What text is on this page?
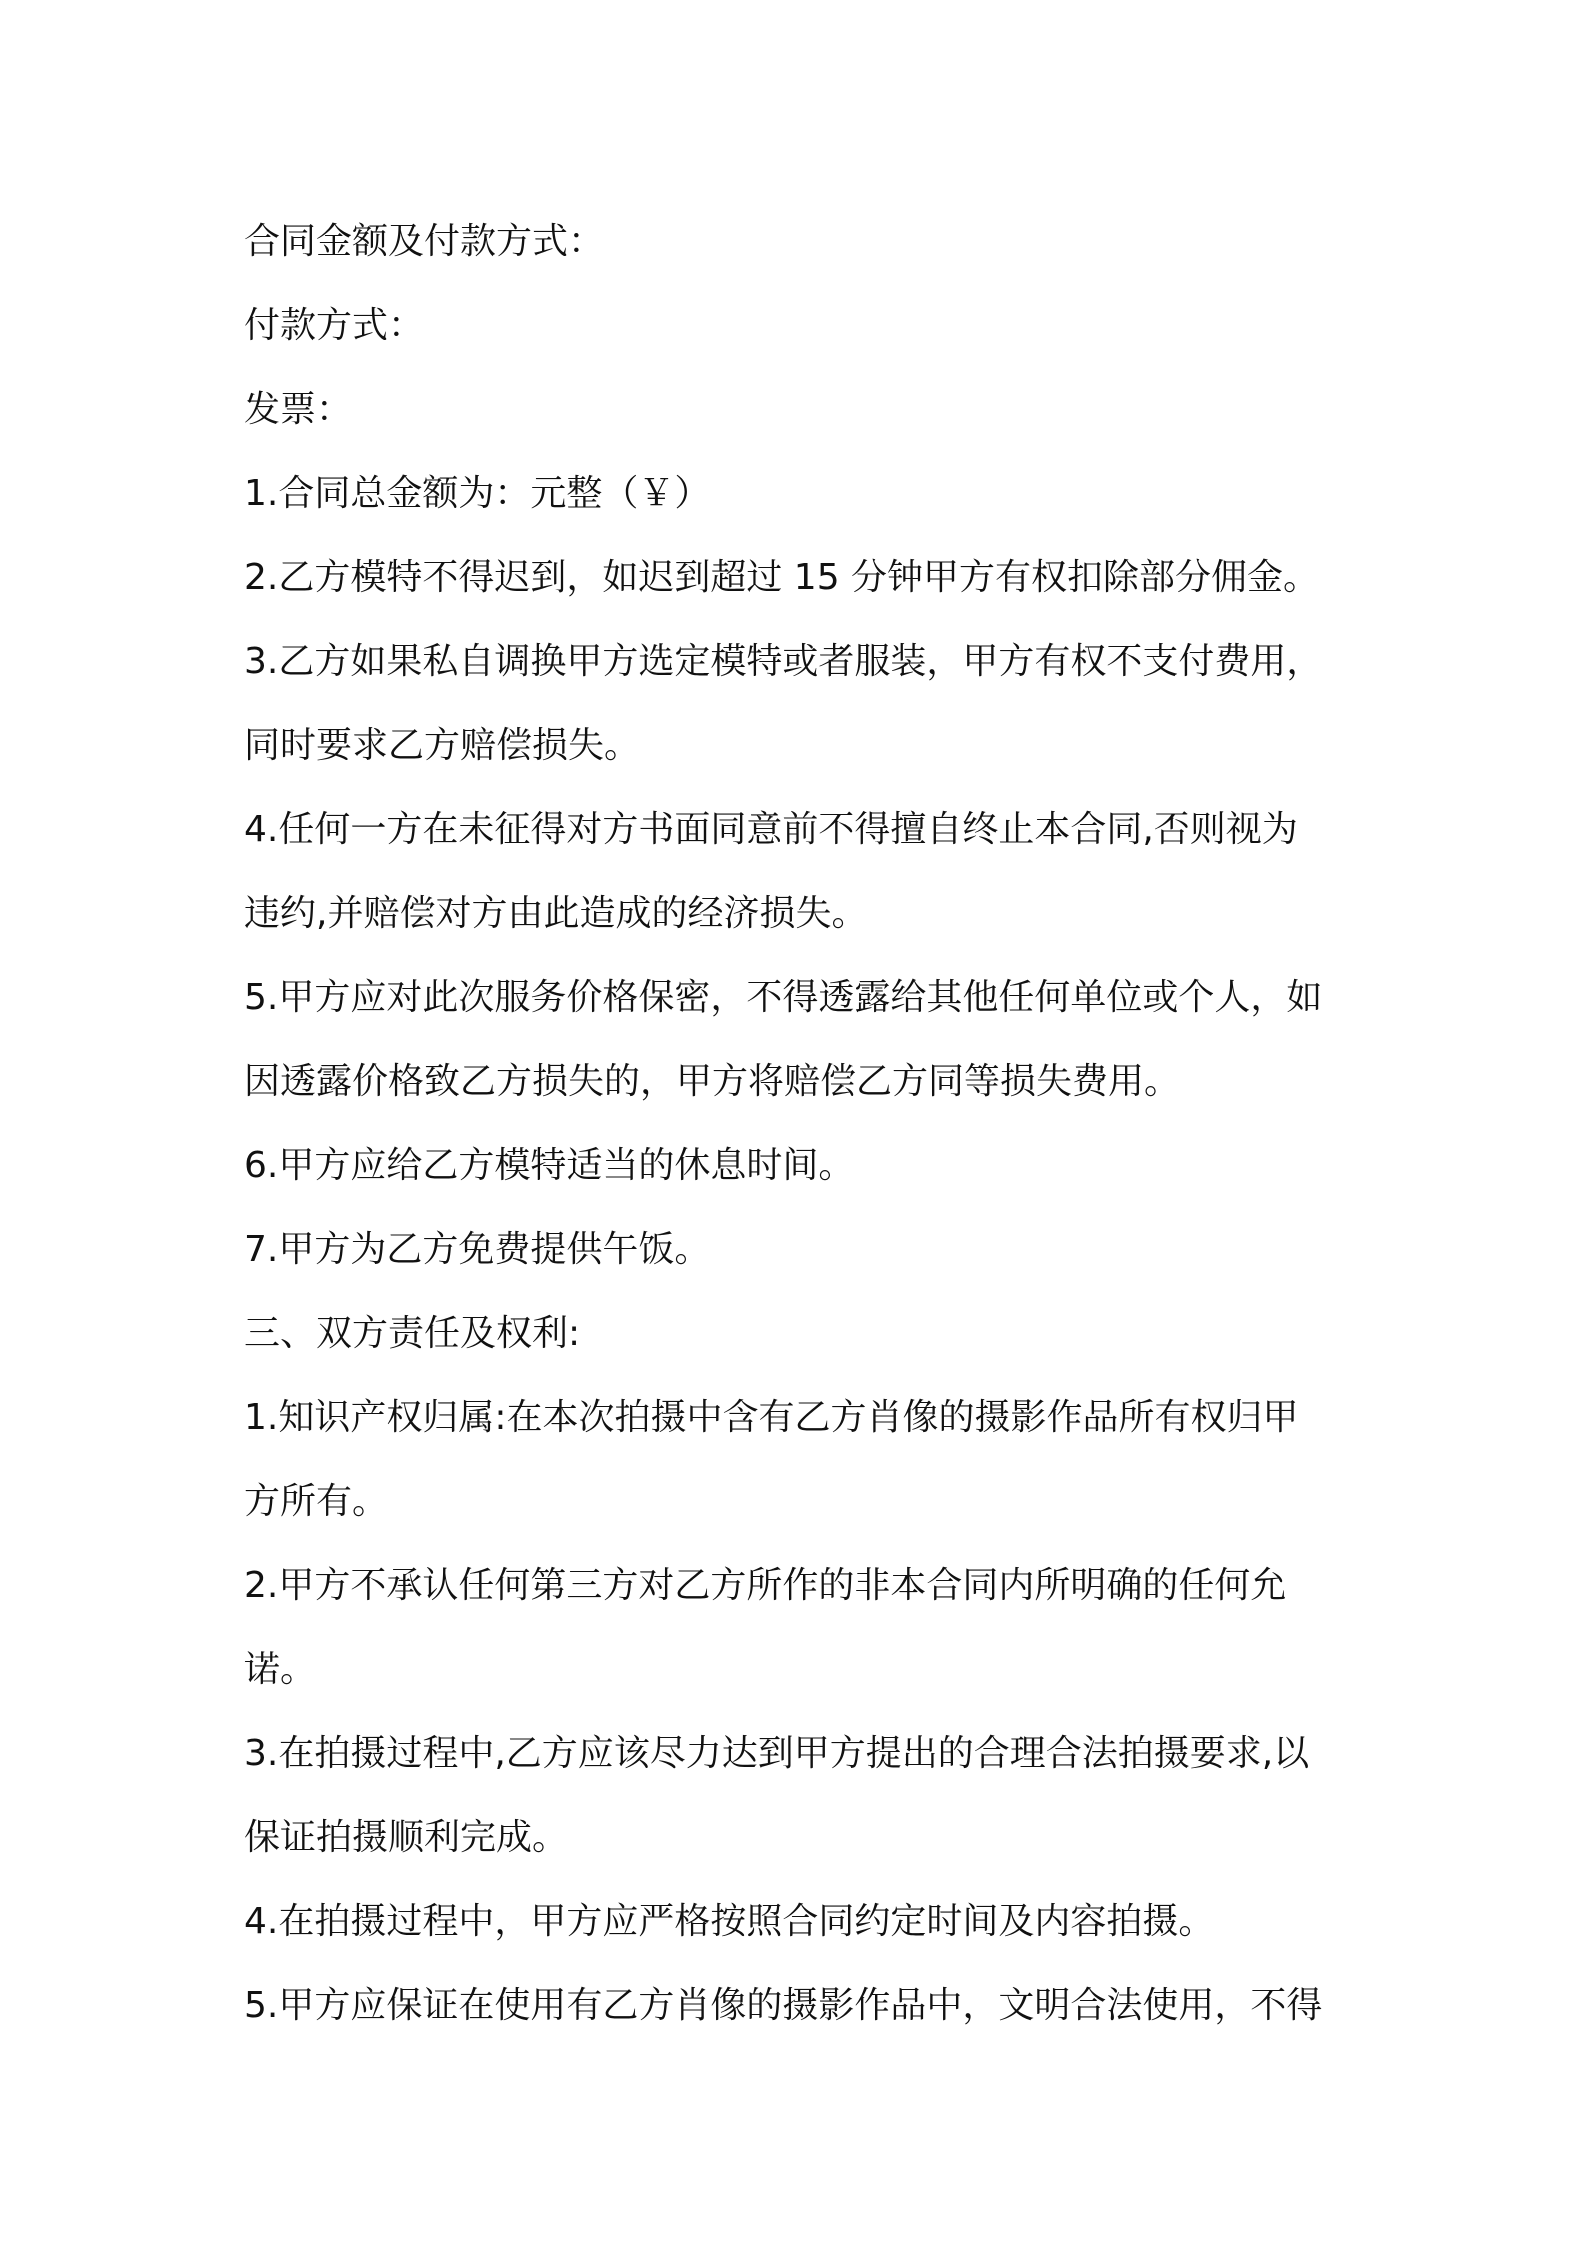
合同金额及付款方式：

付款方式：

发票：

1.合同总金额为：元整（￥）

2.乙方模特不得迟到，如迟到超过 15 分钟甲方有权扣除部分佣金。

3.乙方如果私自调换甲方选定模特或者服装，甲方有权不支付费用，

同时要求乙方赔偿损失。

4.任何一方在未征得对方书面同意前不得擅自终止本合同,否则视为

违约,并赔偿对方由此造成的经济损失。

5.甲方应对此次服务价格保密，不得透露给其他任何单位或个人，如

因透露价格致乙方损失的，甲方将赔偿乙方同等损失费用。

6.甲方应给乙方模特适当的休息时间。

7.甲方为乙方免费提供午饭。

三、双方责任及权利:

1.知识产权归属:在本次拍摄中含有乙方肖像的摄影作品所有权归甲

方所有。

2.甲方不承认任何第三方对乙方所作的非本合同内所明确的任何允

诺。

3.在拍摄过程中,乙方应该尽力达到甲方提出的合理合法拍摄要求,以

保证拍摄顺利完成。

4.在拍摄过程中，甲方应严格按照合同约定时间及内容拍摄。

5.甲方应保证在使用有乙方肖像的摄影作品中，文明合法使用，不得
